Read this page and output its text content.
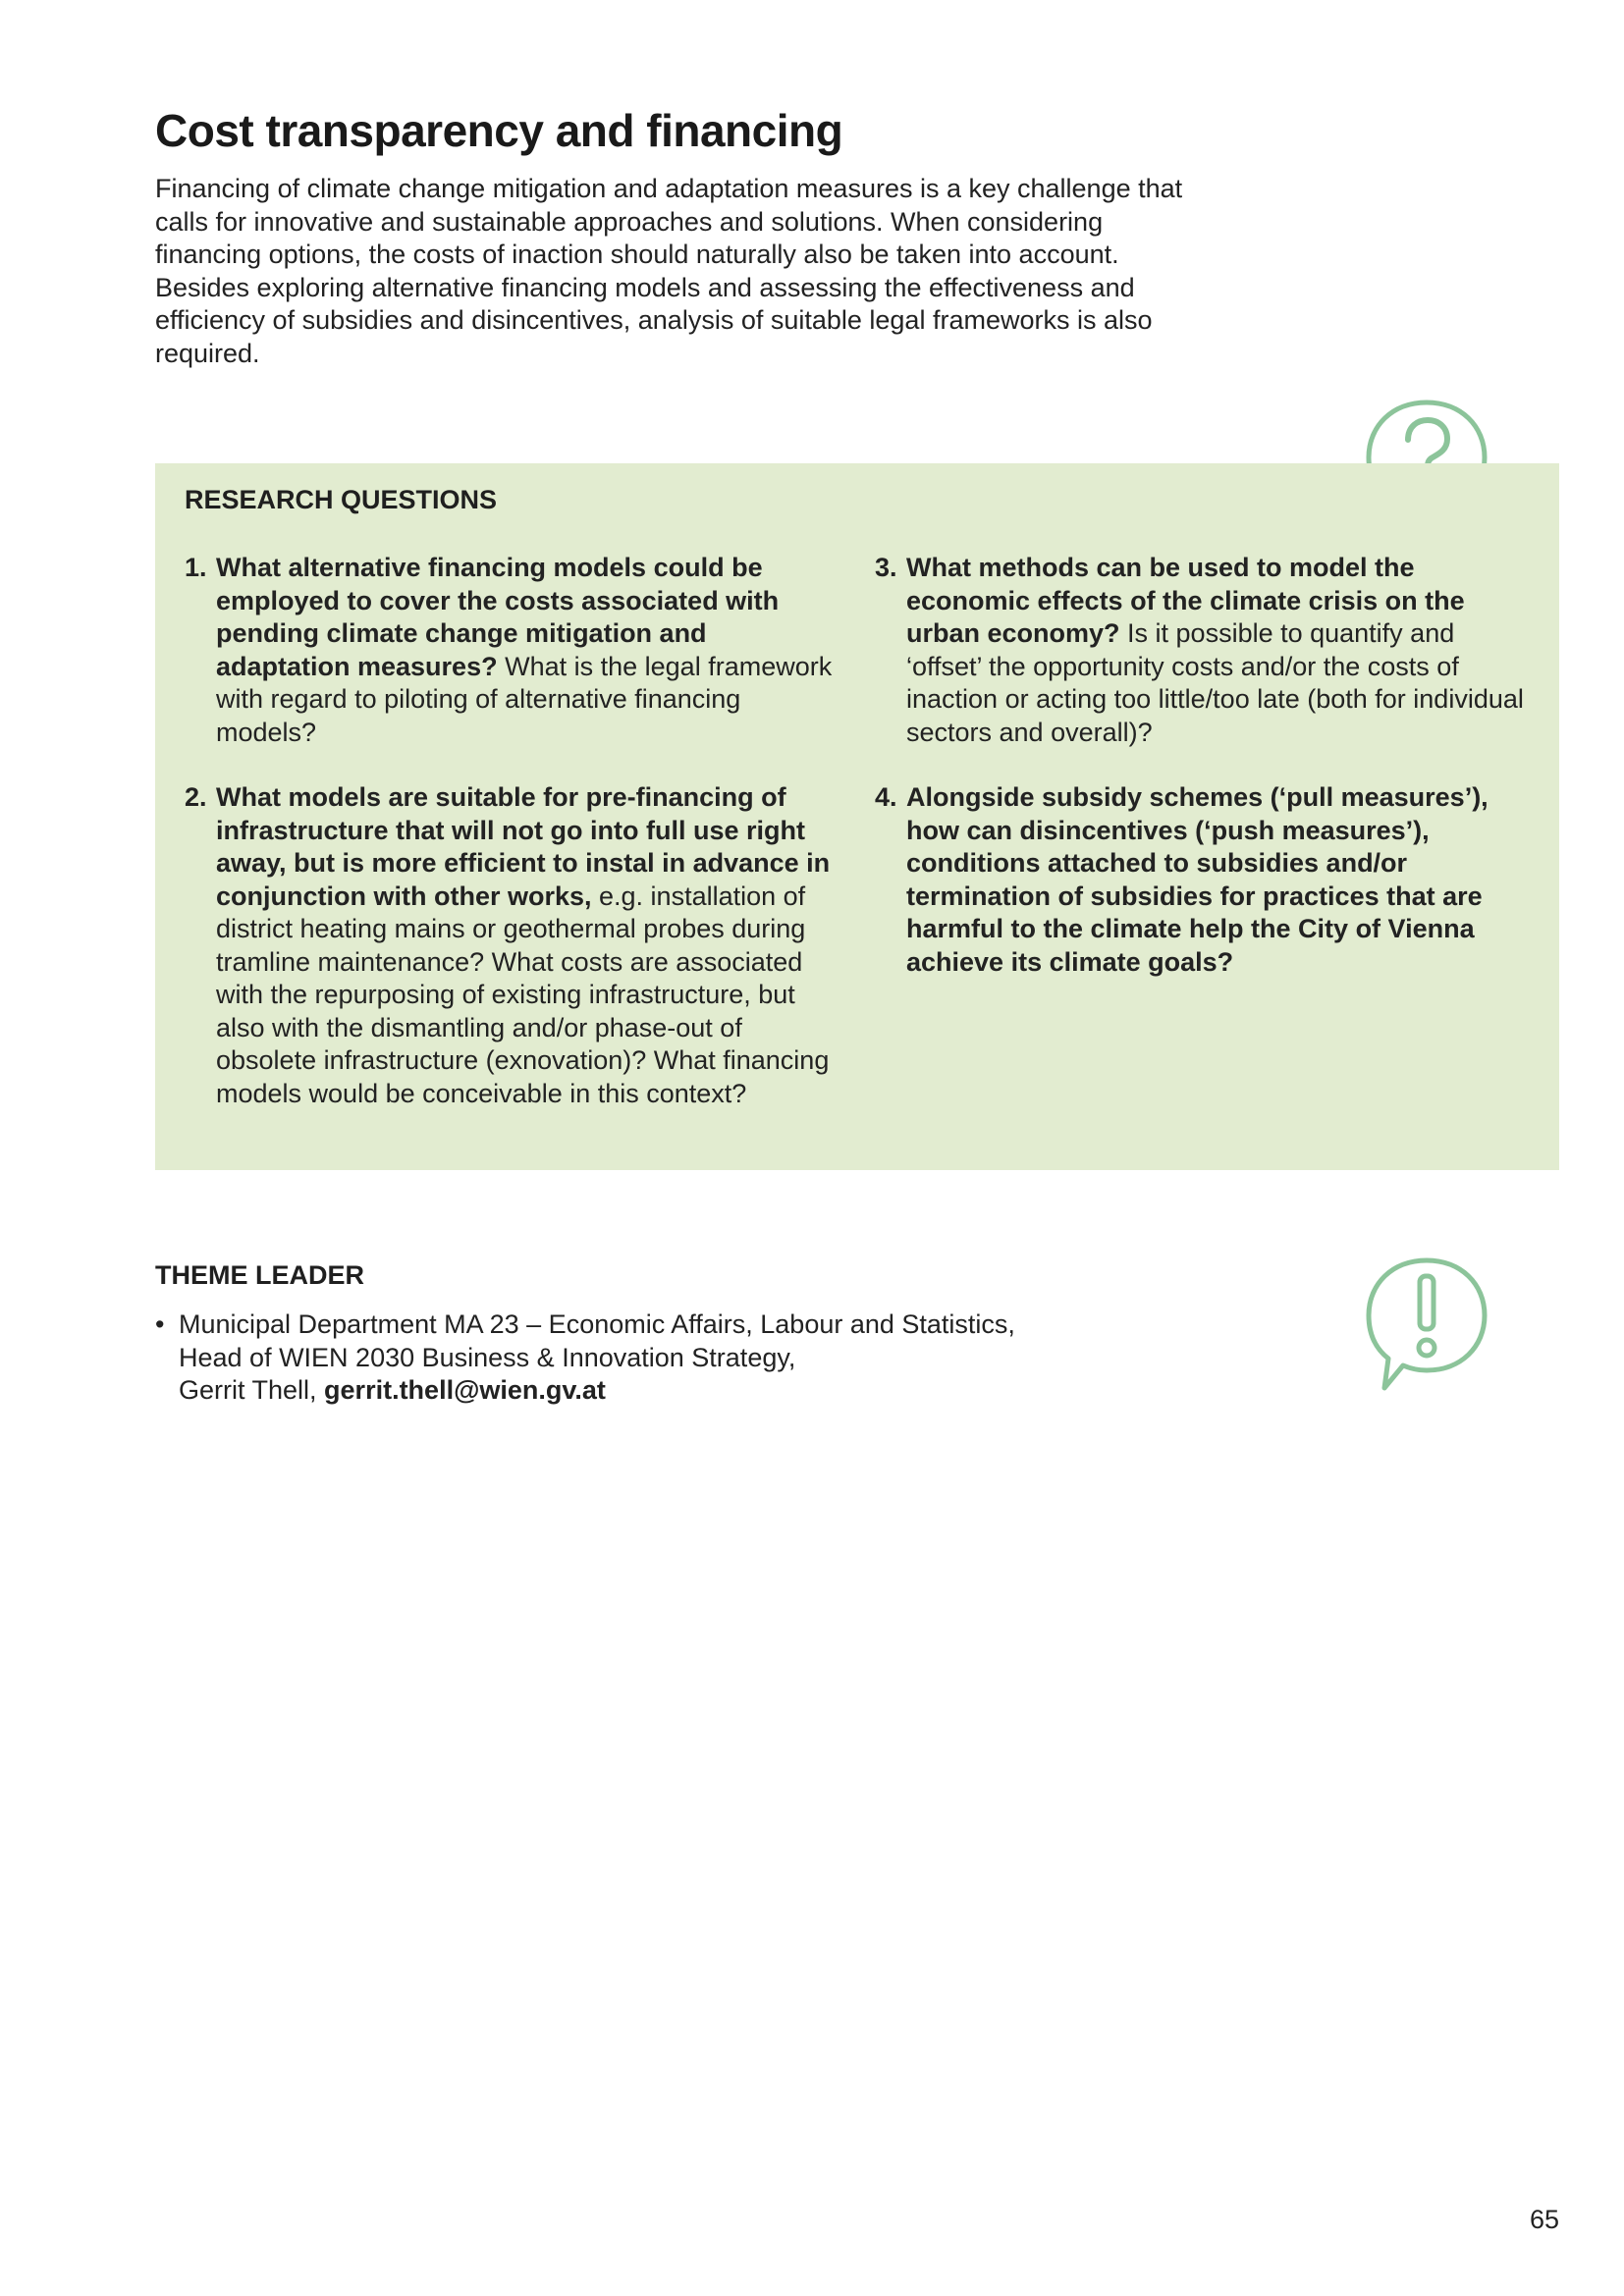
Cost transparency and financing

Financing of climate change mitigation and adaptation measures is a key challenge that calls for innovative and sustainable approaches and solutions. When considering financing options, the costs of inaction should naturally also be taken into account. Besides exploring alternative financing models and assessing the effectiveness and efficiency of subsidies and disincentives, analysis of suitable legal frameworks is also required.

RESEARCH QUESTIONS
1. What alternative financing models could be employed to cover the costs associated with pending climate change mitigation and adaptation measures? What is the legal framework with regard to piloting of alternative financing models?
2. What models are suitable for pre-financing of infrastructure that will not go into full use right away, but is more efficient to instal in advance in conjunction with other works, e.g. installation of district heating mains or geothermal probes during tramline maintenance? What costs are associated with the repurposing of existing infrastructure, but also with the dismantling and/or phase-out of obsolete infrastructure (exnovation)? What financing models would be conceivable in this context?
3. What methods can be used to model the economic effects of the climate crisis on the urban economy? Is it possible to quantify and ‘offset’ the opportunity costs and/or the costs of inaction or acting too little/too late (both for individual sectors and overall)?
4. Alongside subsidy schemes (‘pull measures’), how can disincentives (‘push measures’), conditions attached to subsidies and/or termination of subsidies for practices that are harmful to the climate help the City of Vienna achieve its climate goals?
THEME LEADER
• Municipal Department MA 23 – Economic Affairs, Labour and Statistics,
Head of WIEN 2030 Business & Innovation Strategy,
Gerrit Thell, gerrit.thell@wien.gv.at
65
